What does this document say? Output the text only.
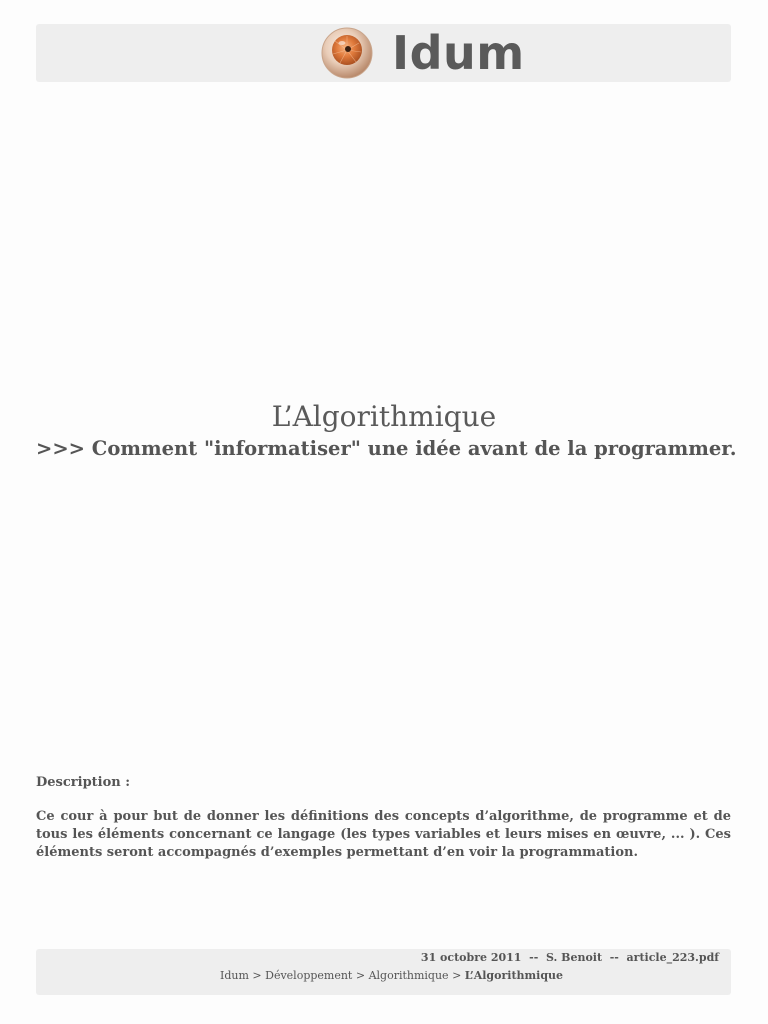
Idum
L’Algorithmique
>>> Comment "informatiser" une idée avant de la programmer.
Description :

Ce cour à pour but de donner les définitions des concepts d’algorithme, de programme et de tous les éléments concernant ce langage (les types variables et leurs mises en œuvre, ... ). Ces éléments seront accompagnés d’exemples permettant d’en voir la programmation.

31 octobre 2011 -- S. Benoit -- article_223.pdf
Idum > Développement > Algorithmique > L’Algorithmique
